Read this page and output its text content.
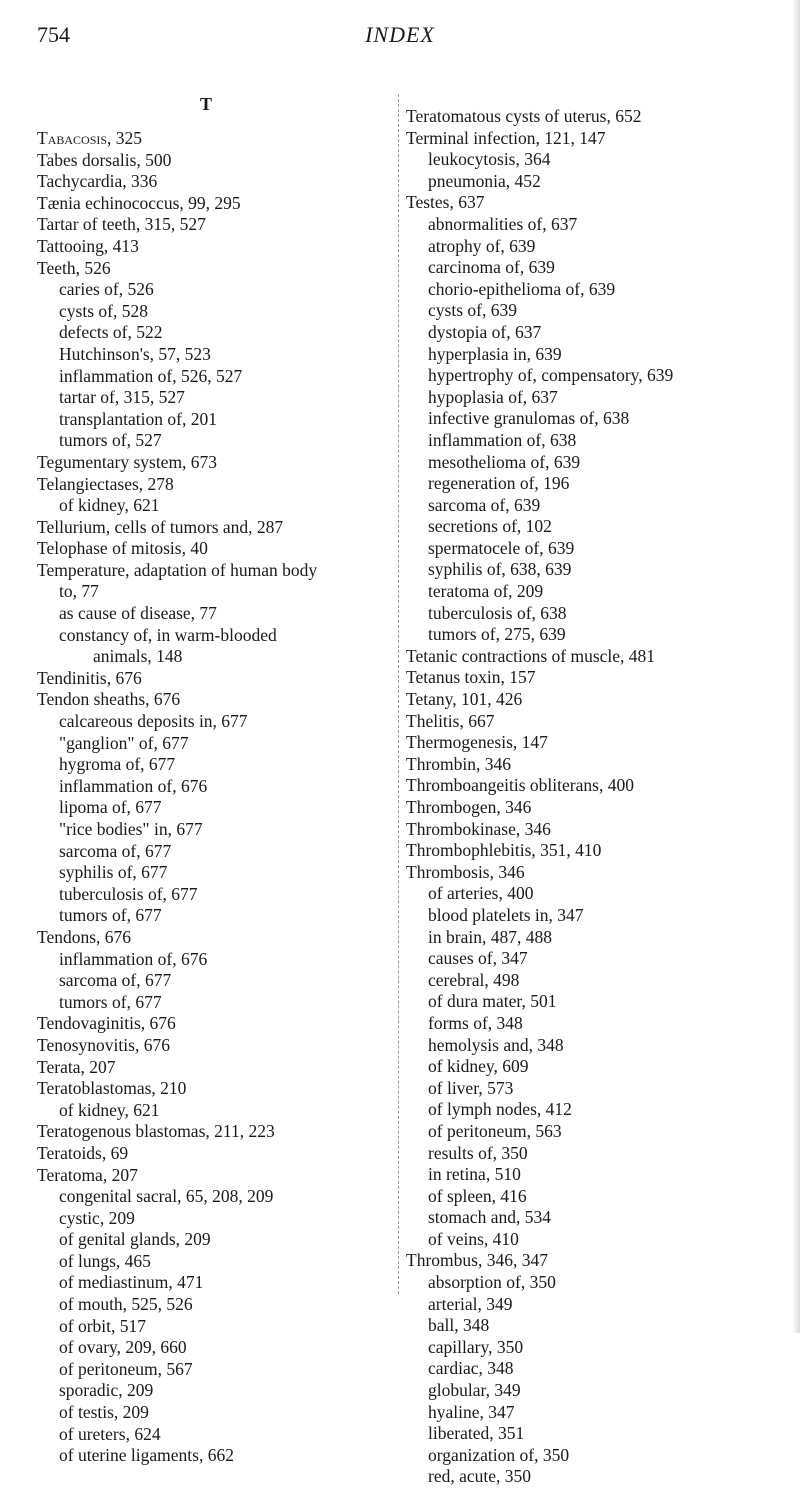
754	INDEX
T
Tabacosis, 325
Tabes dorsalis, 500
Tachycardia, 336
Tænia echinococcus, 99, 295
Tartar of teeth, 315, 527
Tattooing, 413
Teeth, 526
caries of, 526
cysts of, 528
defects of, 522
Hutchinson's, 57, 523
inflammation of, 526, 527
tartar of, 315, 527
transplantation of, 201
tumors of, 527
Tegumentary system, 673
Telangiectases, 278
of kidney, 621
Tellurium, cells of tumors and, 287
Telophase of mitosis, 40
Temperature, adaptation of human body
to, 77
as cause of disease, 77
constancy of, in warm-blooded
animals, 148
Tendinitis, 676
Tendon sheaths, 676
calcareous deposits in, 677
"ganglion" of, 677
hygroma of, 677
inflammation of, 676
lipoma of, 677
"rice bodies" in, 677
sarcoma of, 677
syphilis of, 677
tuberculosis of, 677
tumors of, 677
Tendons, 676
inflammation of, 676
sarcoma of, 677
tumors of, 677
Tendovaginitis, 676
Tenosynovitis, 676
Terata, 207
Teratoblastomas, 210
of kidney, 621
Teratogenous blastomas, 211, 223
Teratoids, 69
Teratoma, 207
congenital sacral, 65, 208, 209
cystic, 209
of genital glands, 209
of lungs, 465
of mediastinum, 471
of mouth, 525, 526
of orbit, 517
of ovary, 209, 660
of peritoneum, 567
sporadic, 209
of testis, 209
of ureters, 624
of uterine ligaments, 662
Teratomatous cysts of uterus, 652
Terminal infection, 121, 147
leukocytosis, 364
pneumonia, 452
Testes, 637
abnormalities of, 637
atrophy of, 639
carcinoma of, 639
chorio-epithelioma of, 639
cysts of, 639
dystopia of, 637
hyperplasia in, 639
hypertrophy of, compensatory, 639
hypoplasia of, 637
infective granulomas of, 638
inflammation of, 638
mesothelioma of, 639
regeneration of, 196
sarcoma of, 639
secretions of, 102
spermatocele of, 639
syphilis of, 638, 639
teratoma of, 209
tuberculosis of, 638
tumors of, 275, 639
Tetanic contractions of muscle, 481
Tetanus toxin, 157
Tetany, 101, 426
Thelitis, 667
Thermogenesis, 147
Thrombin, 346
Thromboangeitis obliterans, 400
Thrombogen, 346
Thrombokinase, 346
Thrombophlebitis, 351, 410
Thrombosis, 346
of arteries, 400
blood platelets in, 347
in brain, 487, 488
causes of, 347
cerebral, 498
of dura mater, 501
forms of, 348
hemolysis and, 348
of kidney, 609
of liver, 573
of lymph nodes, 412
of peritoneum, 563
results of, 350
in retina, 510
of spleen, 416
stomach and, 534
of veins, 410
Thrombus, 346, 347
absorption of, 350
arterial, 349
ball, 348
capillary, 350
cardiac, 348
globular, 349
hyaline, 347
liberated, 351
organization of, 350
red, acute, 350
